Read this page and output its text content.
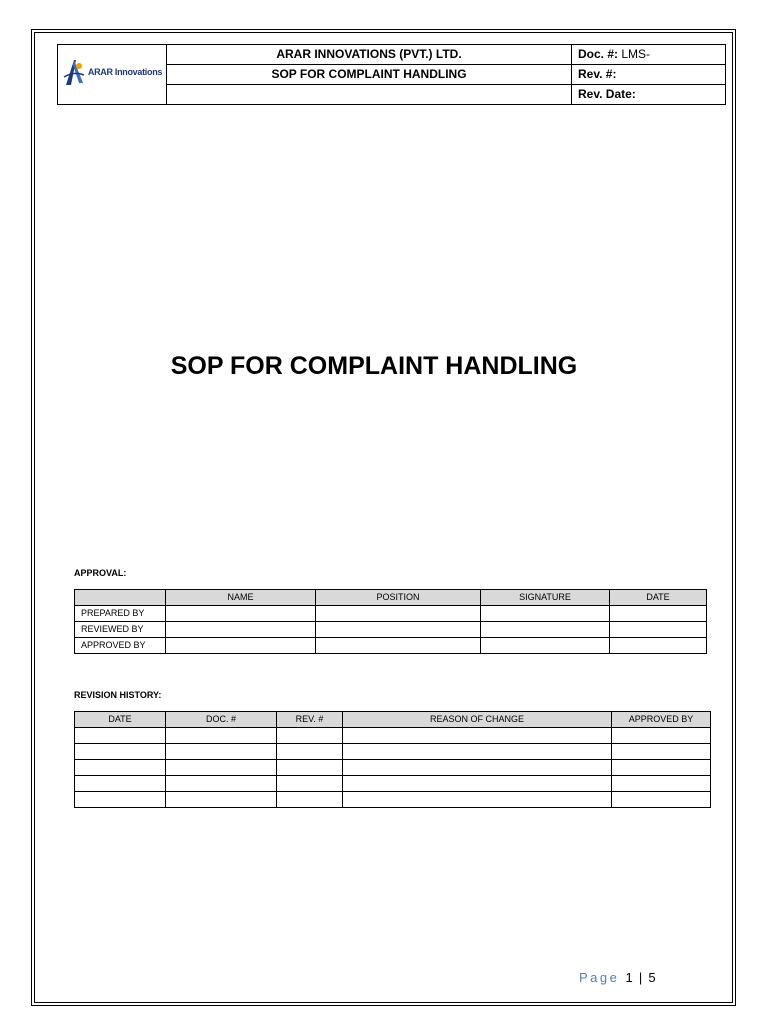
ARAR Innovations	ARAR INNOVATIONS (PVT.) LTD.	Doc. #: LMS-
	SOP FOR COMPLAINT HANDLING	Rev. #:
		Rev. Date:
SOP FOR COMPLAINT HANDLING
APPROVAL:
	NAME	POSITION	SIGNATURE	DATE
PREPARED BY				
REVIEWED BY				
APPROVED BY				
REVISION HISTORY:
DATE	DOC. #	REV. #	REASON OF CHANGE	APPROVED BY

Page 1 | 5
